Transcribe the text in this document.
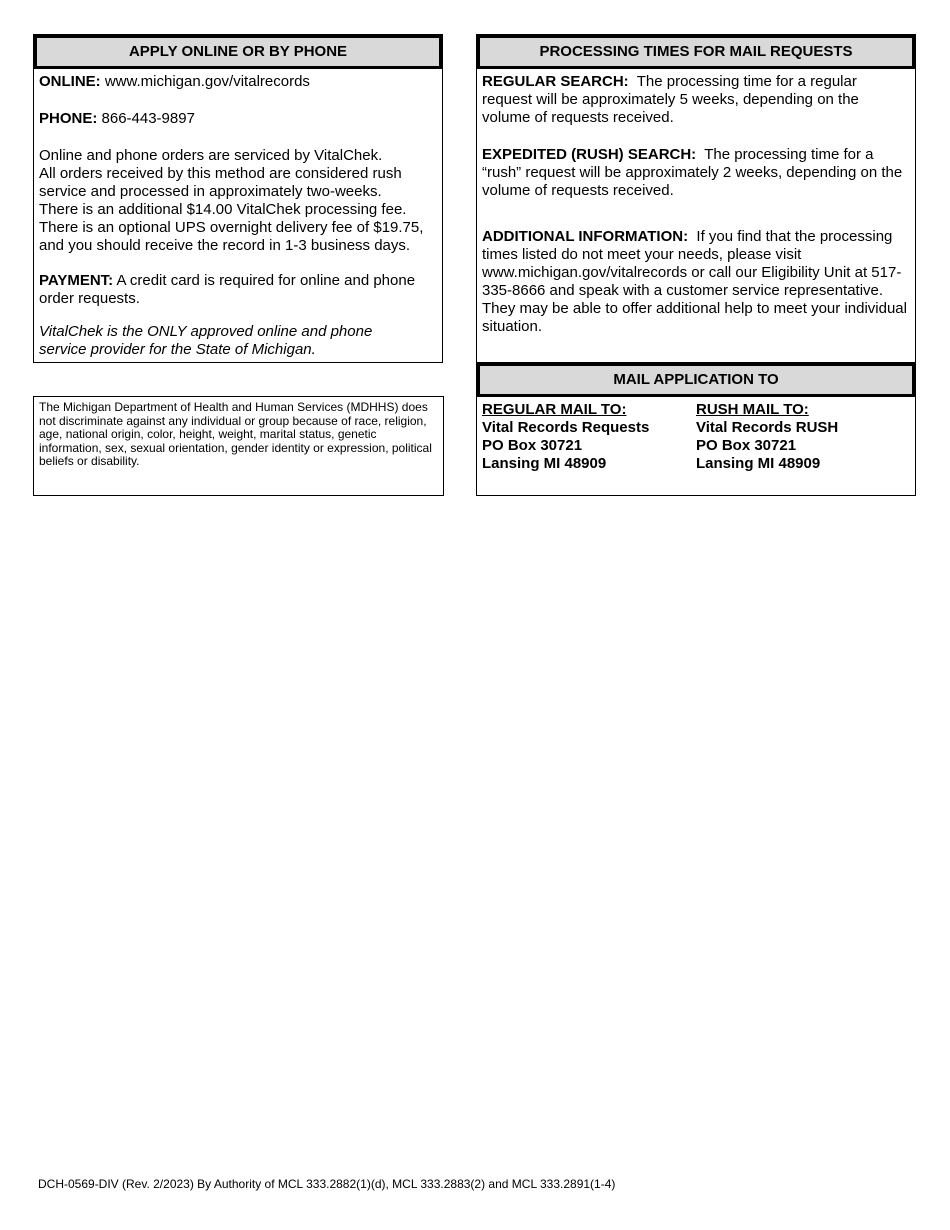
APPLY ONLINE OR BY PHONE

ONLINE: www.michigan.gov/vitalrecords

PHONE: 866-443-9897

Online and phone orders are serviced by VitalChek.

All orders received by this method are considered rush service and processed in approximately two-weeks.

There is an additional $14.00 VitalChek processing fee.

There is an optional UPS overnight delivery fee of $19.75, and you should receive the record in 1-3 business days.

PAYMENT: A credit card is required for online and phone order requests.

VitalChek is the ONLY approved online and phone service provider for the State of Michigan.

PROCESSING TIMES FOR MAIL REQUESTS

REGULAR SEARCH:  The processing time for a regular request will be approximately 5 weeks, depending on the volume of requests received.

EXPEDITED (RUSH) SEARCH:  The processing time for a “rush” request will be approximately 2 weeks, depending on the volume of requests received.

ADDITIONAL INFORMATION:  If you find that the processing times listed do not meet your needs, please visit www.michigan.gov/vitalrecords or call our Eligibility Unit at 517-335-8666 and speak with a customer service representative.  They may be able to offer additional help to meet your individual situation.

MAIL APPLICATION TO
REGULAR MAIL TO:
Vital Records Requests
PO Box 30721
Lansing MI 48909
RUSH MAIL TO:
Vital Records RUSH
PO Box 30721
Lansing MI 48909
The Michigan Department of Health and Human Services (MDHHS) does not discriminate against any individual or group because of race, religion, age, national origin, color, height, weight, marital status, genetic information, sex, sexual orientation, gender identity or expression, political beliefs or disability.
DCH-0569-DIV (Rev. 2/2023) By Authority of MCL 333.2882(1)(d), MCL 333.2883(2) and MCL 333.2891(1-4)
